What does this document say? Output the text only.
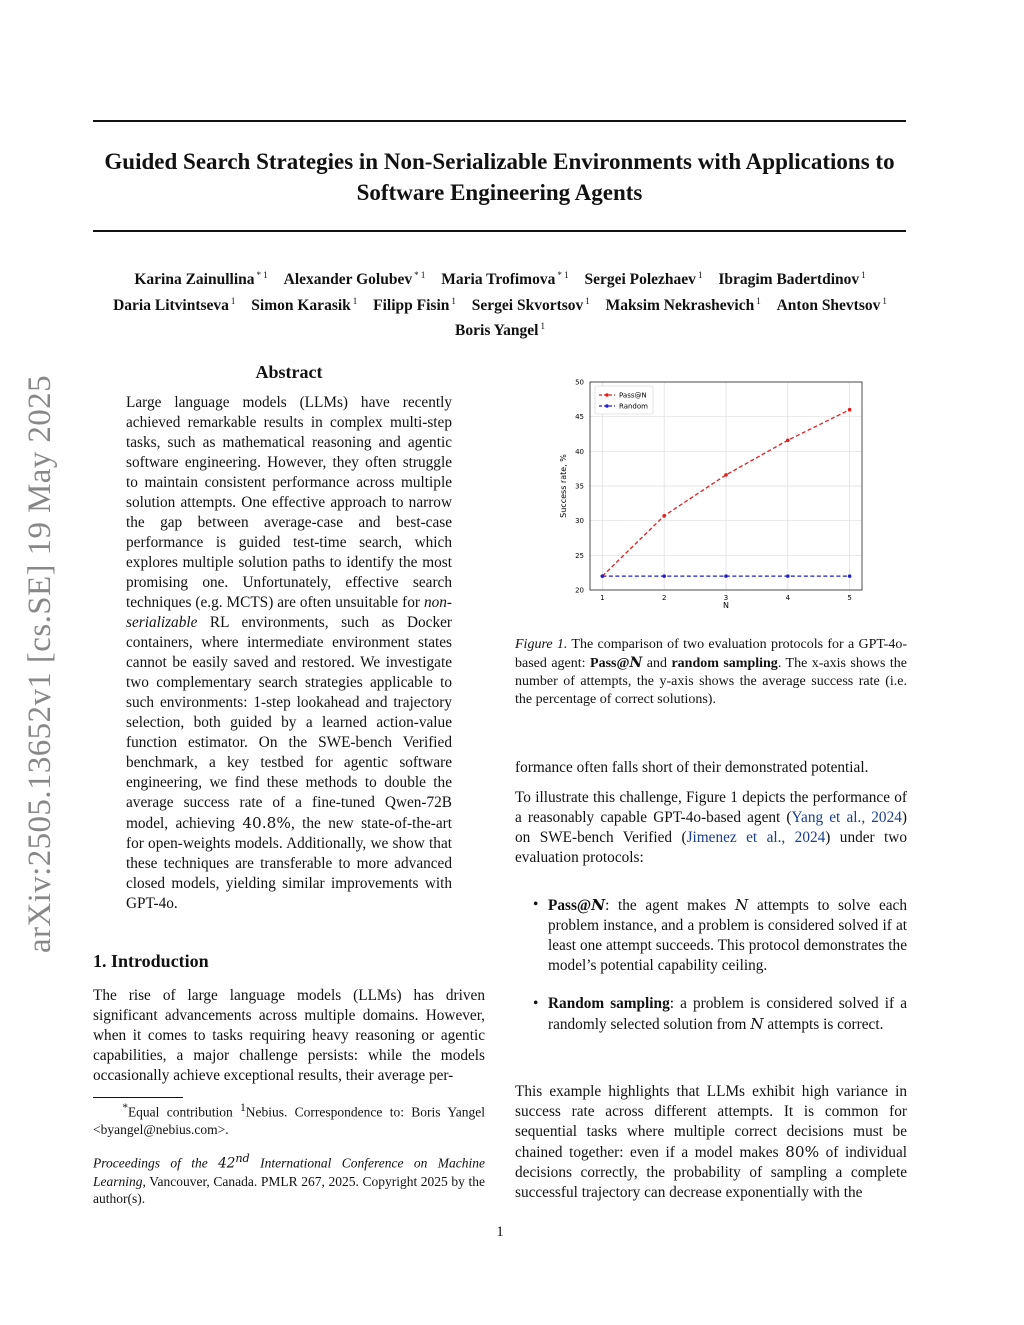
arXiv:2505.13652v1 [cs.SE] 19 May 2025
Guided Search Strategies in Non-Serializable Environments with Applications to Software Engineering Agents
Karina Zainullina $^{* 1}$ Alexander Golubev $^{* 1}$ Maria Trofimova $^{* 1}$ Sergei Polezhaev $^1$ Ibragim Badertdinov $^1$
Daria Litvintseva $^1$ Simon Karasik $^1$ Filipp Fisin $^1$ Sergei Skvortsov $^1$ Maksim Nekrashevich $^1$ Anton Shevtsov $^1$
Boris Yangel $^1$
Abstract
Large language models (LLMs) have recently achieved remarkable results in complex multi-step tasks, such as mathematical reasoning and agentic software engineering. However, they often struggle to maintain consistent performance across multiple solution attempts. One effective approach to narrow the gap between average-case and best-case performance is guided test-time search, which explores multiple solution paths to identify the most promising one. Unfortunately, effective search techniques (e.g. MCTS) are often unsuitable for non-serializable RL environments, such as Docker containers, where intermediate environment states cannot be easily saved and restored. We investigate two complementary search strategies applicable to such environments: 1-step lookahead and trajectory selection, both guided by a learned action-value function estimator. On the SWE-bench Verified benchmark, a key testbed for agentic software engineering, we find these methods to double the average success rate of a fine-tuned Qwen-72B model, achieving 40.8%, the new state-of-the-art for open-weights models. Additionally, we show that these techniques are transferable to more advanced closed models, yielding similar improvements with GPT-4o.
1. Introduction
The rise of large language models (LLMs) has driven significant advancements across multiple domains. However, when it comes to tasks requiring heavy reasoning or agentic capabilities, a major challenge persists: while the models occasionally achieve exceptional results, their average per-
*Equal contribution $^1$Nebius. Correspondence to: Boris Yangel <byangel@nebius.com>.
Proceedings of the 42nd International Conference on Machine Learning, Vancouver, Canada. PMLR 267, 2025. Copyright 2025 by the author(s).
20
25
30
35
40
45
50
1	2	3	4	5
N
Success rate, %
Pass@N
Random
Figure 1. The comparison of two evaluation protocols for a GPT-4o-based agent: Pass@N and random sampling. The x-axis shows the number of attempts, the y-axis shows the average success rate (i.e. the percentage of correct solutions).
formance often falls short of their demonstrated potential.
To illustrate this challenge, Figure 1 depicts the performance of a reasonably capable GPT-4o-based agent (Yang et al., 2024) on SWE-bench Verified (Jimenez et al., 2024) under two evaluation protocols:
• Pass@N: the agent makes N attempts to solve each problem instance, and a problem is considered solved if at least one attempt succeeds. This protocol demonstrates the model’s potential capability ceiling.
• Random sampling: a problem is considered solved if a randomly selected solution from N attempts is correct.
This example highlights that LLMs exhibit high variance in success rate across different attempts. It is common for sequential tasks where multiple correct decisions must be chained together: even if a model makes 80% of individual decisions correctly, the probability of sampling a complete successful trajectory can decrease exponentially with the
1
